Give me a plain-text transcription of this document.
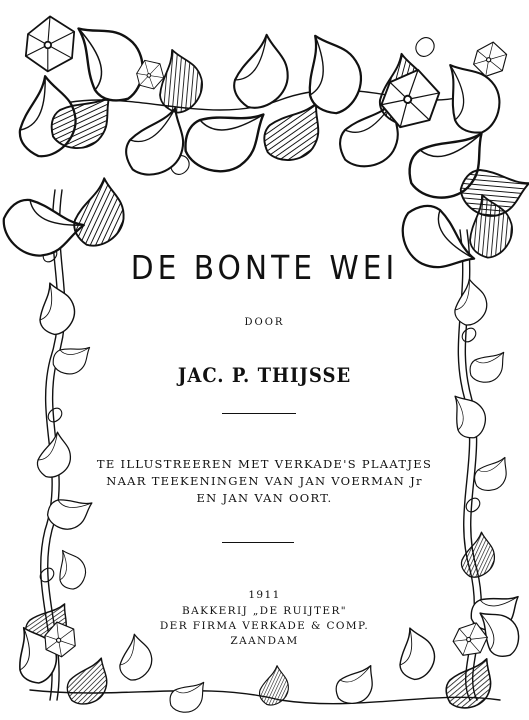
DE BONTE WEI
DOOR
JAC. P. THIJSSE
TE ILLUSTREEREN MET VERKADE'S PLAATJES
NAAR TEEKENINGEN VAN JAN VOERMAN Jr
EN JAN VAN OORT.
1911
BAKKERIJ „DE RUIJTER"
DER FIRMA VERKADE & COMP.
ZAANDAM
